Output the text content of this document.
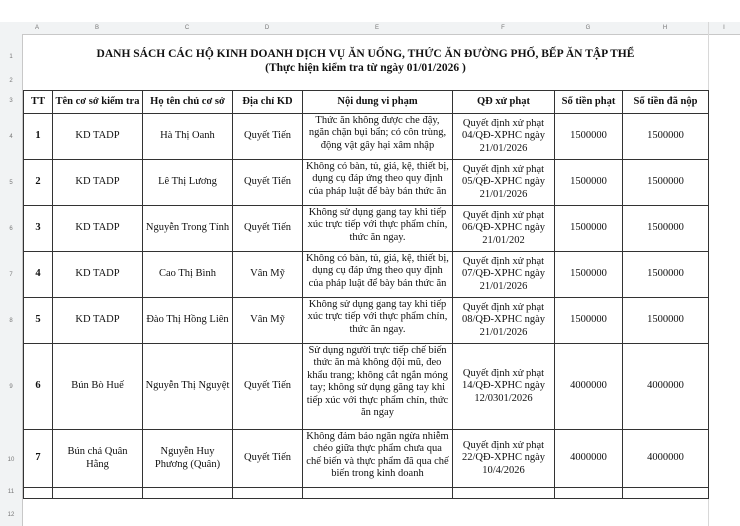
A	B	C	D	E	F	G	H	I
1
2
3
4
5
6
7
8
9
10
11
12
DANH SÁCH CÁC HỘ KINH DOANH DỊCH VỤ ĂN UỐNG, THỨC ĂN ĐƯỜNG PHỐ, BẾP ĂN TẬP THỂ
(Thực hiện kiểm tra từ ngày 01/01/2026 )
TT	Tên cơ sở kiểm tra	Họ tên chủ cơ sở	Địa chỉ KD	Nội dung vi phạm	QĐ xử phạt	Số tiền phạt	Số tiền đã nộp
1	KD TADP	Hà Thị Oanh	Quyết Tiến	Thức ăn không được che đậy, ngăn chặn bụi bẩn; có côn trùng, động vật gây hại xâm nhập	Quyết định xử phạt 04/QĐ-XPHC ngày 21/01/2026	1500000	1500000
2	KD TADP	Lê Thị Lương	Quyết Tiến	Không có bàn, tủ, giá, kệ, thiết bị, dụng cụ đáp ứng theo quy định của pháp luật để bày bán thức ăn	Quyết định xử phạt 05/QĐ-XPHC ngày 21/01/2026	1500000	1500000
3	KD TADP	Nguyễn Trong Tính	Quyết Tiến	Không sử dụng gang tay khi tiếp xúc trực tiếp với thực phẩm chín, thức ăn ngay.	Quyết định xử phạt 06/QĐ-XPHC ngày 21/01/202	1500000	1500000
4	KD TADP	Cao Thị Bình	Vân Mỹ	Không có bàn, tủ, giá, kệ, thiết bị, dụng cụ đáp ứng theo quy định của pháp luật để bày bán thức ăn	Quyết định xử phạt 07/QĐ-XPHC ngày 21/01/2026	1500000	1500000
5	KD TADP	Đào Thị Hồng Liên	Vân Mỹ	Không sử dụng gang tay khi tiếp xúc trực tiếp với thực phẩm chín, thức ăn ngay.	Quyết định xử phạt 08/QĐ-XPHC ngày 21/01/2026	1500000	1500000
6	Bún Bò Huế	Nguyễn Thị Nguyệt	Quyết Tiến	Sử dụng người trực tiếp chế biến thức ăn mà không đội mũ, đeo khẩu trang; không cắt ngắn móng tay; không sử dụng găng tay khi tiếp xúc với thực phẩm chín, thức ăn ngay	Quyết định xử phạt 14/QĐ-XPHC ngày 12/0301/2026	4000000	4000000
7	Bún chả Quân Hằng	Nguyễn Huy Phương (Quân)	Quyết Tiến	Không đảm bảo ngăn ngừa nhiễm chéo giữa thực phẩm chưa qua chế biến và thực phẩm đã qua chế biến trong kinh doanh	Quyết định xử phạt 22/QĐ-XPHC ngày 10/4/2026	4000000	4000000
